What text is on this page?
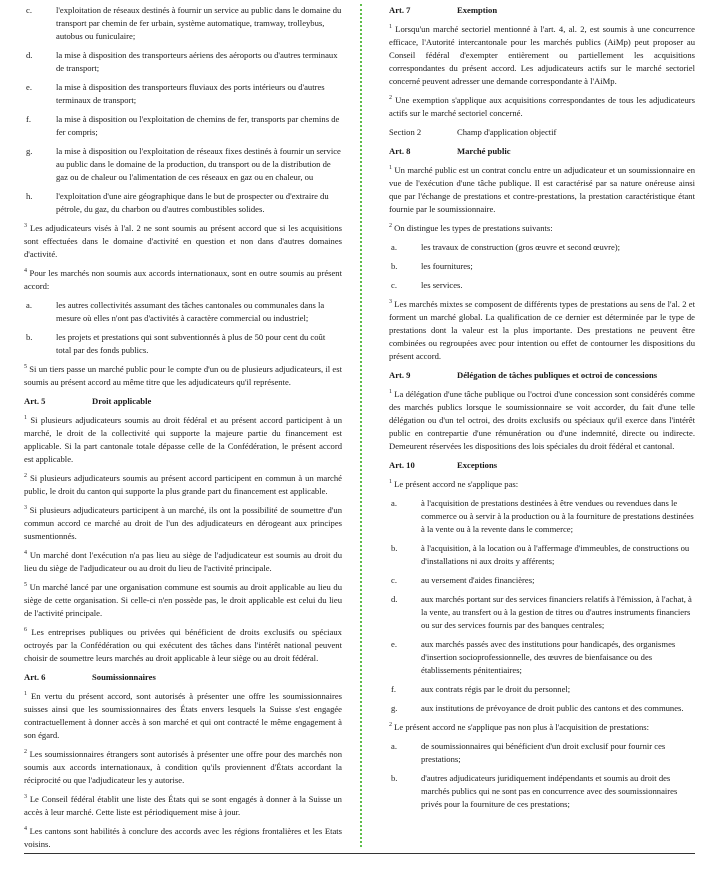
c.	l'exploitation de réseaux destinés à fournir un service au public dans le domaine du transport par chemin de fer urbain, système automatique, tramway, trolleybus, autobus ou funiculaire;
d.	la mise à disposition des transporteurs aériens des aéroports ou d'autres terminaux de transport;
e.	la mise à disposition des transporteurs fluviaux des ports intérieurs ou d'autres terminaux de transport;
f.	la mise à disposition ou l'exploitation de chemins de fer, transports par chemins de fer compris;
g.	la mise à disposition ou l'exploitation de réseaux fixes destinés à fournir un service au public dans le domaine de la production, du transport ou de la distribution de gaz ou de chaleur ou l'alimentation de ces réseaux en gaz ou en chaleur, ou
h.	l'exploitation d'une aire géographique dans le but de prospecter ou d'extraire du pétrole, du gaz, du charbon ou d'autres combustibles solides.

$^3$ Les adjudicateurs visés à l'al. 2 ne sont soumis au présent accord que si les acquisitions sont effectuées dans le domaine d'activité en question et non dans d'autres domaines d'activité.

$^4$ Pour les marchés non soumis aux accords internationaux, sont en outre soumis au présent accord:

a.	les autres collectivités assumant des tâches cantonales ou communales dans la mesure où elles n'ont pas d'activités à caractère commercial ou industriel;
b.	les projets et prestations qui sont subventionnés à plus de 50 pour cent du coût total par des fonds publics.

$^5$ Si un tiers passe un marché public pour le compte d'un ou de plusieurs adjudicateurs, il est soumis au présent accord au même titre que les adjudicateurs qu'il représente.

Art. 5	Droit applicable

$^1$ Si plusieurs adjudicateurs soumis au droit fédéral et au présent accord participent à un marché, le droit de la collectivité qui supporte la majeure partie du financement est applicable. Si la part cantonale totale dépasse celle de la Confédération, le présent accord est applicable.

$^2$ Si plusieurs adjudicateurs soumis au présent accord participent en commun à un marché public, le droit du canton qui supporte la plus grande part du financement est applicable.

$^3$ Si plusieurs adjudicateurs participent à un marché, ils ont la possibilité de soumettre d'un commun accord ce marché au droit de l'un des adjudicateurs en dérogeant aux principes susmentionnés.

$^4$ Un marché dont l'exécution n'a pas lieu au siège de l'adjudicateur est soumis au droit du lieu du siège de l'adjudicateur ou au droit du lieu de l'activité principale.

$^5$ Un marché lancé par une organisation commune est soumis au droit applicable au lieu du siège de cette organisation. Si celle-ci n'en possède pas, le droit applicable est celui du lieu de l'activité principale.

$^6$ Les entreprises publiques ou privées qui bénéficient de droits exclusifs ou spéciaux octroyés par la Confédération ou qui exécutent des tâches dans l'intérêt national peuvent choisir de soumettre leurs marchés au droit applicable à leur siège ou au droit fédéral.

Art. 6	Soumissionnaires

$^1$ En vertu du présent accord, sont autorisés à présenter une offre les soumissionnaires suisses ainsi que les soumissionnaires des États envers lesquels la Suisse s'est engagée contractuellement à donner accès à son marché et qui ont contracté le même engagement à son égard.

$^2$ Les soumissionnaires étrangers sont autorisés à présenter une offre pour des marchés non soumis aux accords internationaux, à condition qu'ils proviennent d'États accordant la réciprocité ou que l'adjudicateur les y autorise.

$^3$ Le Conseil fédéral établit une liste des États qui se sont engagés à donner à la Suisse un accès à leur marché. Cette liste est périodiquement mise à jour.

$^4$ Les cantons sont habilités à conclure des accords avec les régions frontalières et les Etats voisins.

Art. 7	Exemption

$^1$ Lorsqu'un marché sectoriel mentionné à l'art. 4, al. 2, est soumis à une concurrence efficace, l'Autorité intercantonale pour les marchés publics (AiMp) peut proposer au Conseil fédéral d'exempter entièrement ou partiellement les acquisitions correspondantes du présent accord. Les adjudicateurs actifs sur le marché sectoriel concerné peuvent adresser une demande correspondante à l'AiMp.

$^2$ Une exemption s'applique aux acquisitions correspondantes de tous les adjudicateurs actifs sur le marché sectoriel concerné.

Section 2	Champ d'application objectif
Art. 8	Marché public

$^1$ Un marché public est un contrat conclu entre un adjudicateur et un soumissionnaire en vue de l'exécution d'une tâche publique. Il est caractérisé par sa nature onéreuse ainsi que par l'échange de prestations et contre-prestations, la prestation caractéristique étant fournie par le soumissionnaire.

$^2$ On distingue les types de prestations suivants:

a.	les travaux de construction (gros œuvre et second œuvre);
b.	les fournitures;
c.	les services.

$^3$ Les marchés mixtes se composent de différents types de prestations au sens de l'al. 2 et forment un marché global. La qualification de ce dernier est déterminée par le type de prestations dont la valeur est la plus importante. Des prestations ne peuvent être combinées ou regroupées avec pour intention ou effet de contourner les dispositions du présent accord.

Art. 9	Délégation de tâches publiques et octroi de concessions

$^1$ La délégation d'une tâche publique ou l'octroi d'une concession sont considérés comme des marchés publics lorsque le soumissionnaire se voit accorder, du fait d'une telle délégation ou d'un tel octroi, des droits exclusifs ou spéciaux qu'il exerce dans l'intérêt public en contrepartie d'une rémunération ou d'une indemnité, directe ou indirecte. Demeurent réservées les dispositions des lois spéciales du droit fédéral et cantonal.

Art. 10	Exceptions

$^1$ Le présent accord ne s'applique pas:

a.	à l'acquisition de prestations destinées à être vendues ou revendues dans le commerce ou à servir à la production ou à la fourniture de prestations destinées à la vente ou à la revente dans le commerce;
b.	à l'acquisition, à la location ou à l'affermage d'immeubles, de constructions ou d'installations ni aux droits y afférents;
c.	au versement d'aides financières;
d.	aux marchés portant sur des services financiers relatifs à l'émission, à l'achat, à la vente, au transfert ou à la gestion de titres ou d'autres instruments financiers ou sur des services fournis par des banques centrales;
e.	aux marchés passés avec des institutions pour handicapés, des organismes d'insertion socioprofessionnelle, des œuvres de bienfaisance ou des établissements pénitentiaires;
f.	aux contrats régis par le droit du personnel;
g.	aux institutions de prévoyance de droit public des cantons et des communes.

$^2$ Le présent accord ne s'applique pas non plus à l'acquisition de prestations:

a.	de soumissionnaires qui bénéficient d'un droit exclusif pour fournir ces prestations;
b.	d'autres adjudicateurs juridiquement indépendants et soumis au droit des marchés publics qui ne sont pas en concurrence avec des soumissionnaires privés pour la fourniture de ces prestations;
